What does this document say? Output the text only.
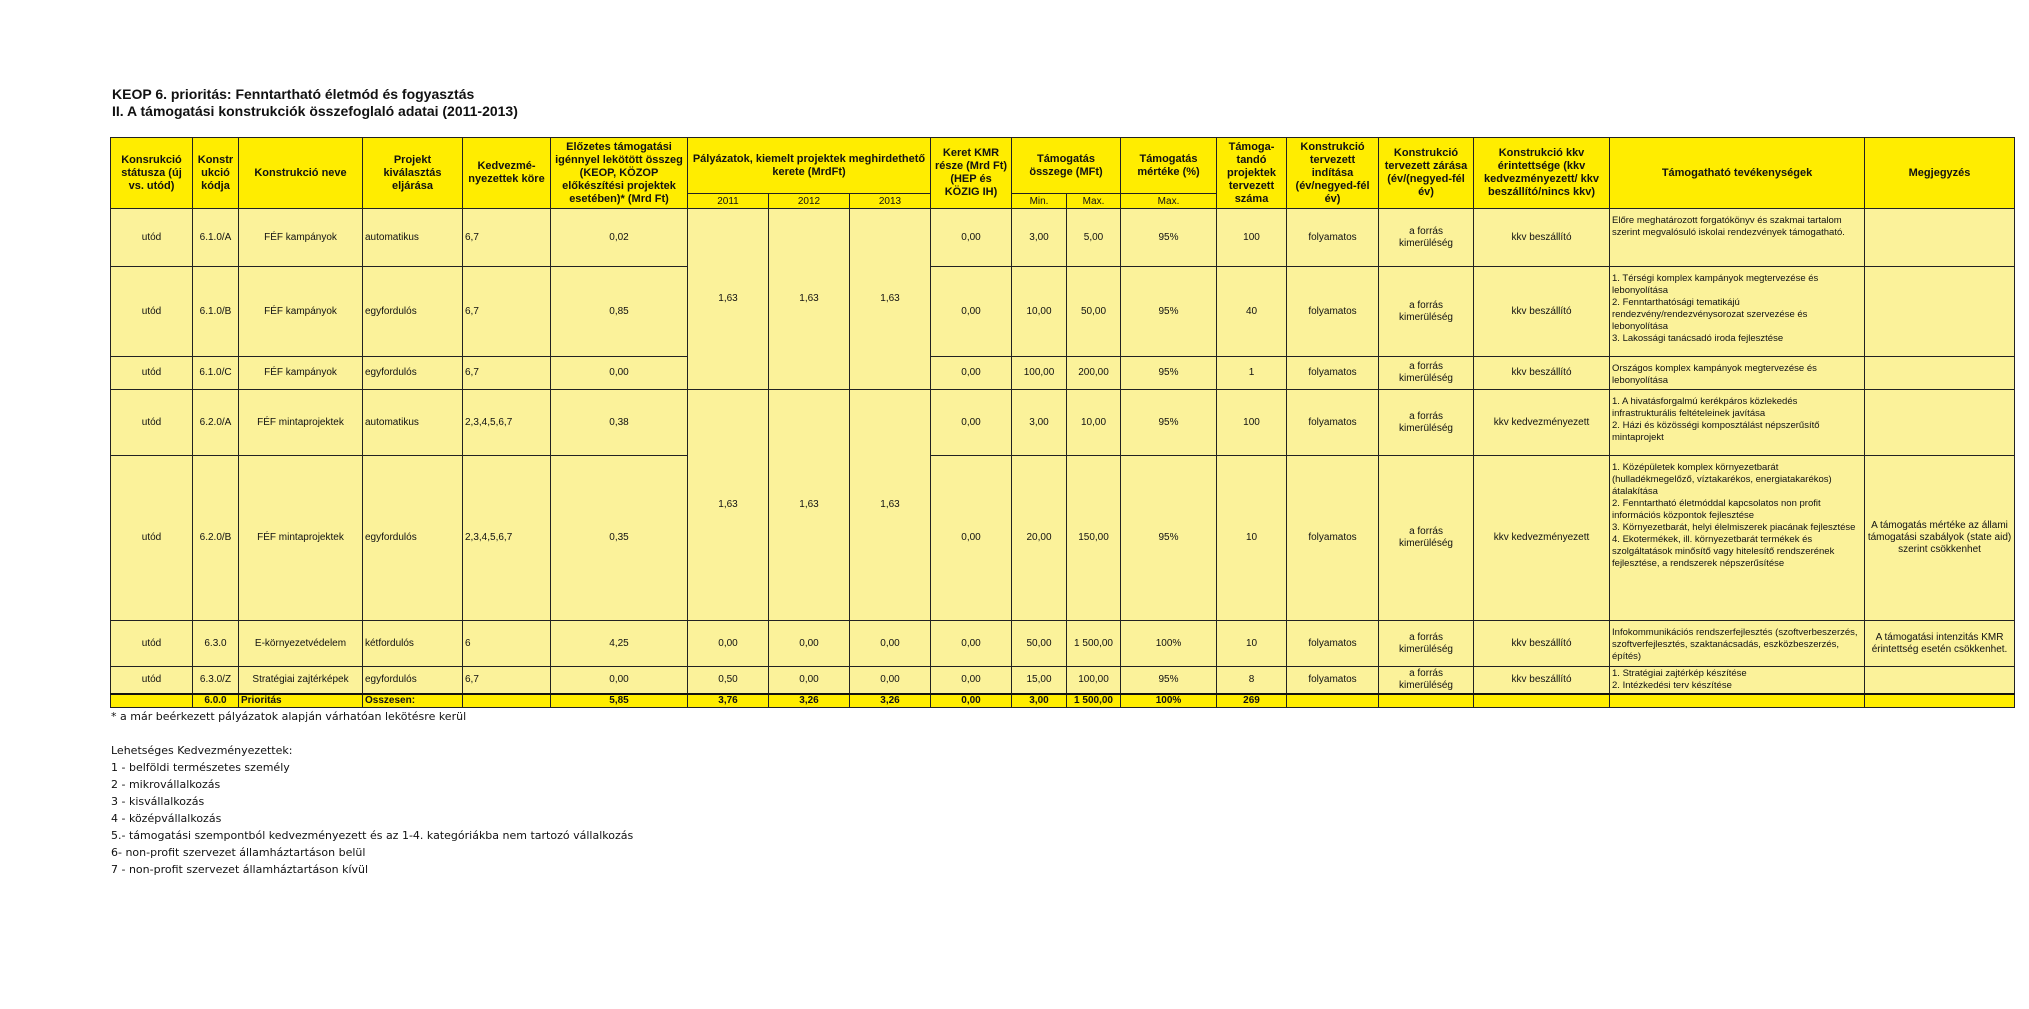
KEOP 6. prioritás: Fenntartható életmód és fogyasztás
II. A támogatási konstrukciók összefoglaló adatai (2011-2013)
Konsrukció státusza (új vs. utód)	Konstr ukció kódja	Konstrukció neve	Projekt kiválasztás eljárása	Kedvezmé- nyezettek köre	Előzetes támogatási igénnyel lekötött összeg (KEOP, KÖZOP előkészítési projektek esetében)* (Mrd Ft)	Pályázatok, kiemelt projektek meghirdethető kerete (MrdFt)			Keret KMR része (Mrd Ft) (HEP és KÖZIG IH)	Támogatás összege (MFt)		Támogatás mértéke (%)	Támoga- tandó projektek tervezett száma	Konstrukció tervezett indítása (év/negyed-fél év)	Konstrukció tervezett zárása (év/(negyed-fél év)	Konstrukció kkv érintettsége (kkv kedvezményezett/ kkv beszállító/nincs kkv)	Támogatható tevékenységek	Megjegyzés
						2011	2012	2013		Min.	Max.	Max.						
utód	6.1.0/A	FÉF kampányok	automatikus	6,7	0,02	1,63	1,63	1,63	0,00	3,00	5,00	95%	100	folyamatos	a forrás kimerüléség	kkv beszállító	Előre meghatározott forgatókönyv és szakmai tartalom szerint megvalósuló iskolai rendezvények támogatható.	
utód	6.1.0/B	FÉF kampányok	egyfordulós	6,7	0,85				0,00	10,00	50,00	95%	40	folyamatos	a forrás kimerüléség	kkv beszállító	1. Térségi komplex kampányok megtervezése és lebonyolítása
2. Fenntarthatósági tematikájú rendezvény/rendezvénysorozat szervezése és lebonyolítása
3. Lakossági tanácsadó iroda fejlesztése	
utód	6.1.0/C	FÉF kampányok	egyfordulós	6,7	0,00				0,00	100,00	200,00	95%	1	folyamatos	a forrás kimerüléség	kkv beszállító	Országos komplex kampányok megtervezése és lebonyolítása	
utód	6.2.0/A	FÉF mintaprojektek	automatikus	2,3,4,5,6,7	0,38	1,63	1,63	1,63	0,00	3,00	10,00	95%	100	folyamatos	a forrás kimerüléség	kkv kedvezményezett	1. A hivatásforgalmú kerékpáros közlekedés infrastrukturális feltételeinek javítása
2. Házi és közösségi komposztálást népszerűsítő mintaprojekt	
utód	6.2.0/B	FÉF mintaprojektek	egyfordulós	2,3,4,5,6,7	0,35				0,00	20,00	150,00	95%	10	folyamatos	a forrás kimerüléség	kkv kedvezményezett	1. Középületek komplex környezetbarát (hulladékmegelőző, víztakarékos, energiatakarékos) átalakítása
2. Fenntartható életmóddal kapcsolatos non profit információs központok fejlesztése
3. Környezetbarát, helyi élelmiszerek piacának fejlesztése
4. Ekotermékek, ill. környezetbarát termékek és szolgáltatások minősítő vagy hitelesítő rendszerének fejlesztése, a rendszerek népszerűsítése	A támogatás mértéke az állami támogatási szabályok (state aid) szerint csökkenhet
utód	6.3.0	E-környezetvédelem	kétfordulós	6	4,25	0,00	0,00	0,00	0,00	50,00	1 500,00	100%	10	folyamatos	a forrás kimerüléség	kkv beszállító	Infokommunikációs rendszerfejlesztés (szoftverbeszerzés, szoftverfejlesztés, szaktanácsadás, eszközbeszerzés, építés)	A támogatási intenzitás KMR érintettség esetén csökkenhet.
utód	6.3.0/Z	Stratégiai zajtérképek	egyfordulós	6,7	0,00	0,50	0,00	0,00	0,00	15,00	100,00	95%	8	folyamatos	a forrás kimerüléség	kkv beszállító	1. Stratégiai zajtérkép készítése
2. Intézkedési terv készítése	
	6.0.0	Prioritás	Összesen:		5,85	3,76	3,26	3,26	0,00	3,00	1 500,00	100%	269					
* a már beérkezett pályázatok alapján várhatóan lekötésre kerül
Lehetséges Kedvezményezettek:
1 - belföldi természetes személy
2 - mikrovállalkozás
3 - kisvállalkozás
4 - középvállalkozás
5.- támogatási szempontból kedvezményezett és az 1-4. kategóriákba nem tartozó vállalkozás
6- non-profit szervezet államháztartáson belül
7 - non-profit szervezet államháztartáson kívül
